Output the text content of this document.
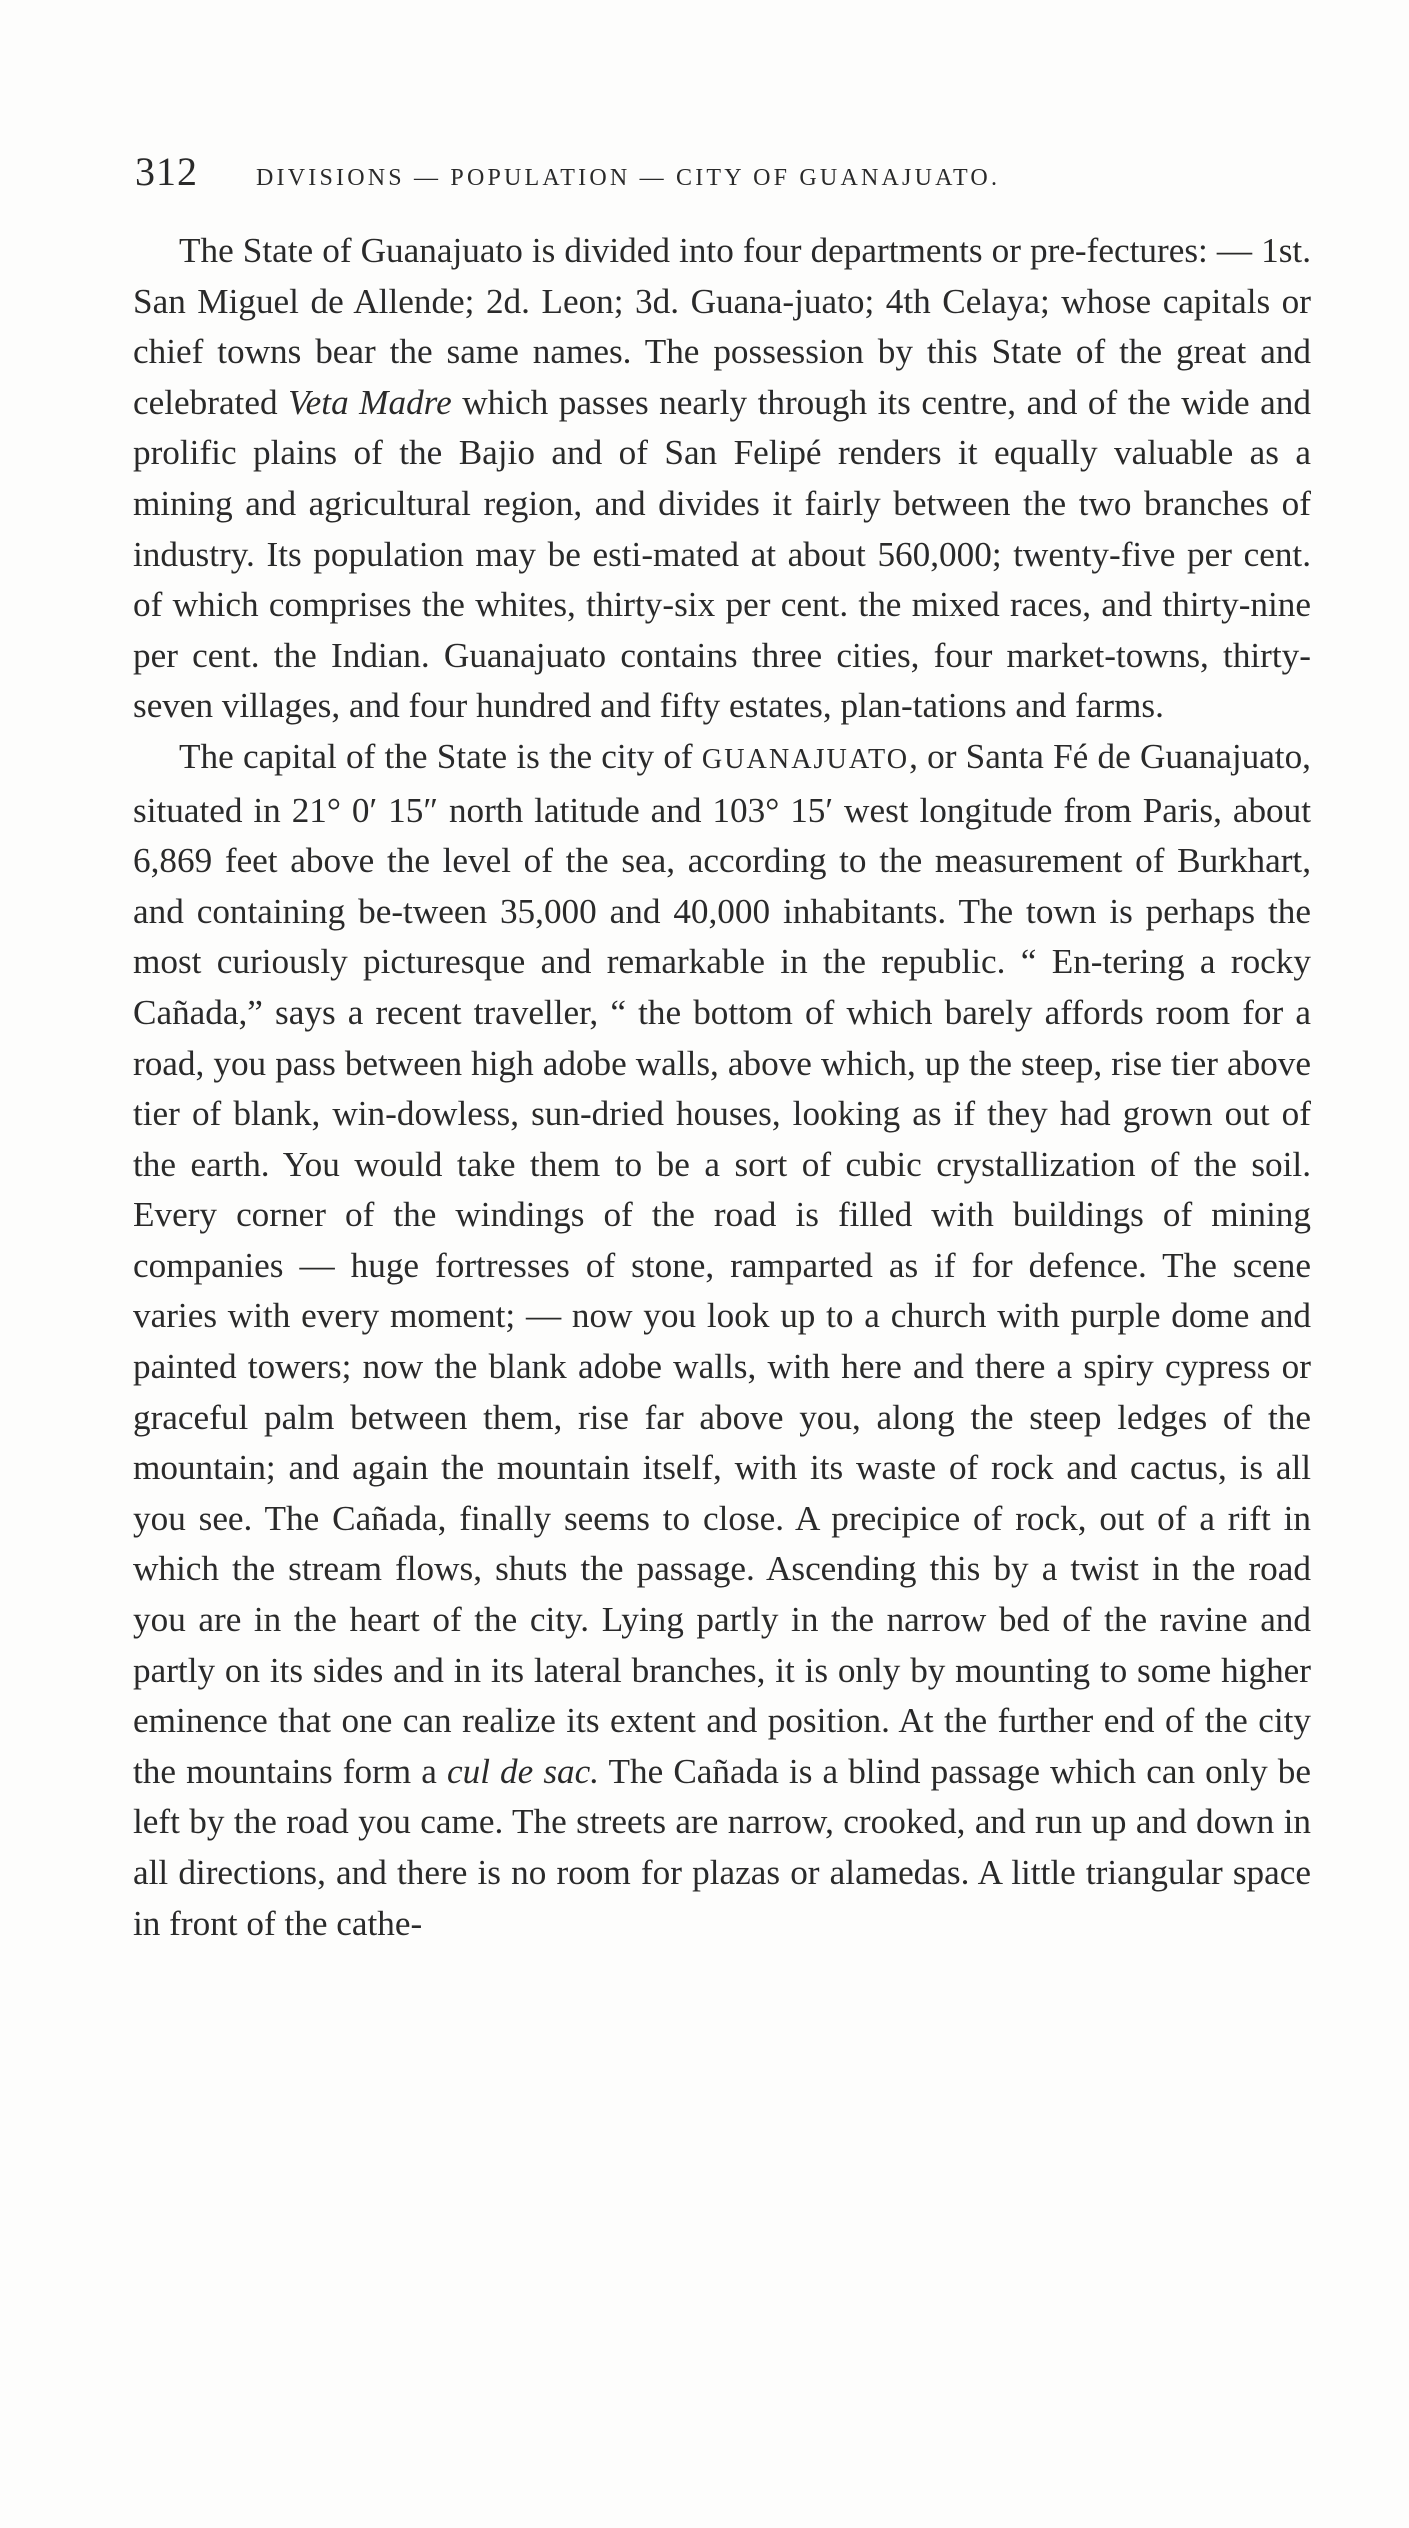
312 DIVISIONS — POPULATION — CITY OF GUANAJUATO.

The State of Guanajuato is divided into four departments or pre-fectures: — 1st. San Miguel de Allende; 2d. Leon; 3d. Guana-juato; 4th Celaya; whose capitals or chief towns bear the same names. The possession by this State of the great and celebrated Veta Madre which passes nearly through its centre, and of the wide and prolific plains of the Bajio and of San Felipé renders it equally valuable as a mining and agricultural region, and divides it fairly between the two branches of industry. Its population may be esti-mated at about 560,000; twenty-five per cent. of which comprises the whites, thirty-six per cent. the mixed races, and thirty-nine per cent. the Indian. Guanajuato contains three cities, four market-towns, thirty-seven villages, and four hundred and fifty estates, plan-tations and farms.

The capital of the State is the city of GUANAJUATO, or Santa Fé de Guanajuato, situated in 21° 0′ 15″ north latitude and 103° 15′ west longitude from Paris, about 6,869 feet above the level of the sea, according to the measurement of Burkhart, and containing be-tween 35,000 and 40,000 inhabitants. The town is perhaps the most curiously picturesque and remarkable in the republic. “ En-tering a rocky Cañada,” says a recent traveller, “ the bottom of which barely affords room for a road, you pass between high adobe walls, above which, up the steep, rise tier above tier of blank, win-dowless, sun-dried houses, looking as if they had grown out of the earth. You would take them to be a sort of cubic crystallization of the soil. Every corner of the windings of the road is filled with buildings of mining companies — huge fortresses of stone, ramparted as if for defence. The scene varies with every moment; — now you look up to a church with purple dome and painted towers; now the blank adobe walls, with here and there a spiry cypress or graceful palm between them, rise far above you, along the steep ledges of the mountain; and again the mountain itself, with its waste of rock and cactus, is all you see. The Cañada, finally seems to close. A precipice of rock, out of a rift in which the stream flows, shuts the passage. Ascending this by a twist in the road you are in the heart of the city. Lying partly in the narrow bed of the ravine and partly on its sides and in its lateral branches, it is only by mounting to some higher eminence that one can realize its extent and position. At the further end of the city the mountains form a cul de sac. The Cañada is a blind passage which can only be left by the road you came. The streets are narrow, crooked, and run up and down in all directions, and there is no room for plazas or alamedas. A little triangular space in front of the cathe-
